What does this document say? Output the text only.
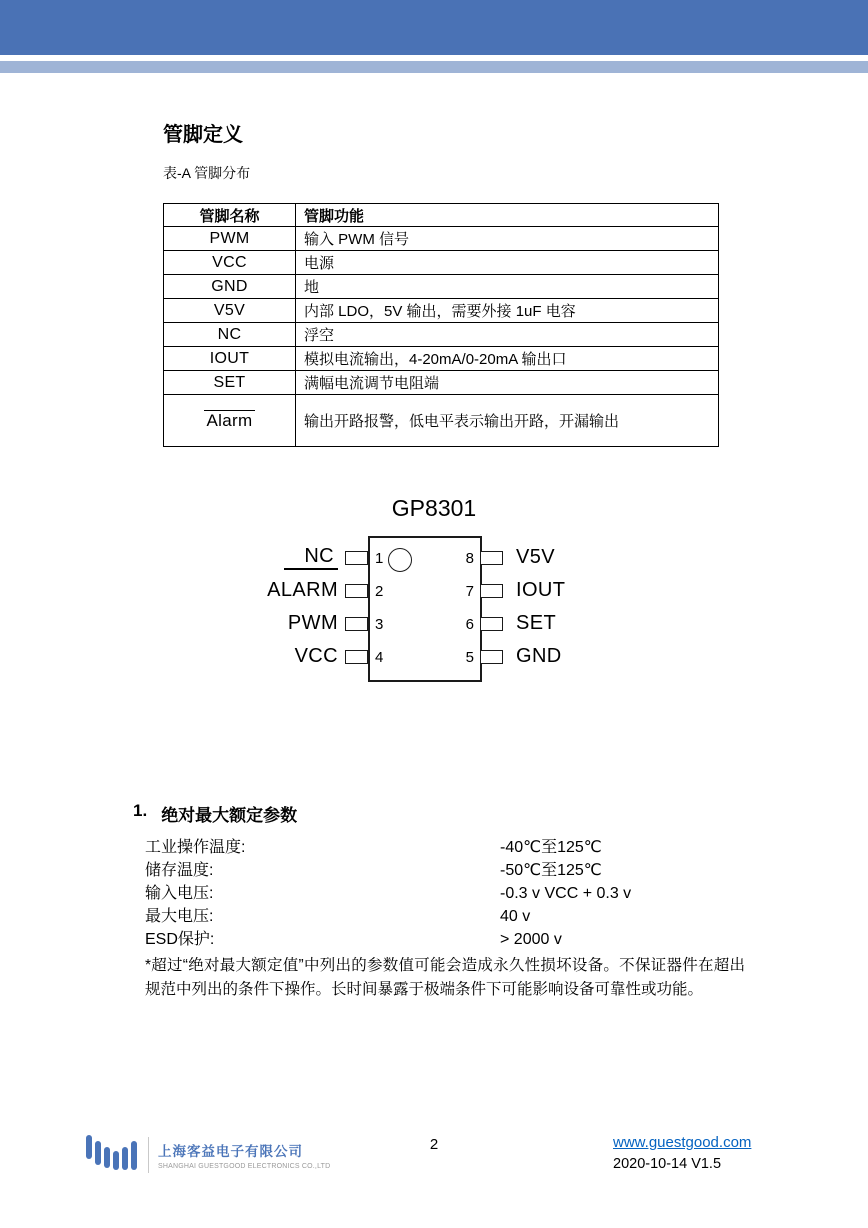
管脚定义
表-A 管脚分布
管脚名称	管脚功能
PWM	输入 PWM 信号
VCC	电源
GND	地
V5V	内部 LDO，5V 输出，需要外接 1uF 电容
NC	浮空
IOUT	模拟电流输出，4-20mA/0-20mA 输出口
SET	满幅电流调节电阻端
Alarm	输出开路报警，低电平表示输出开路，开漏输出
GP8301
1
2
3
4
8
7
6
5
NC
ALARM
PWM
VCC
V5V
IOUT
SET
GND
1. 绝对最大额定参数
工业操作温度:	-40℃至125℃
储存温度:	-50℃至125℃
输入电压:	-0.3 v VCC + 0.3 v
最大电压:	40 v
ESD保护:	> 2000 v
*超过“绝对最大额定值”中列出的参数值可能会造成永久性损坏设备。不保证器件在超出规范中列出的条件下操作。长时间暴露于极端条件下可能影响设备可靠性或功能。
上海客益电子有限公司
SHANGHAI GUESTGOOD ELECTRONICS CO.,LTD
2	www.guestgood.com
2020-10-14 V1.5
